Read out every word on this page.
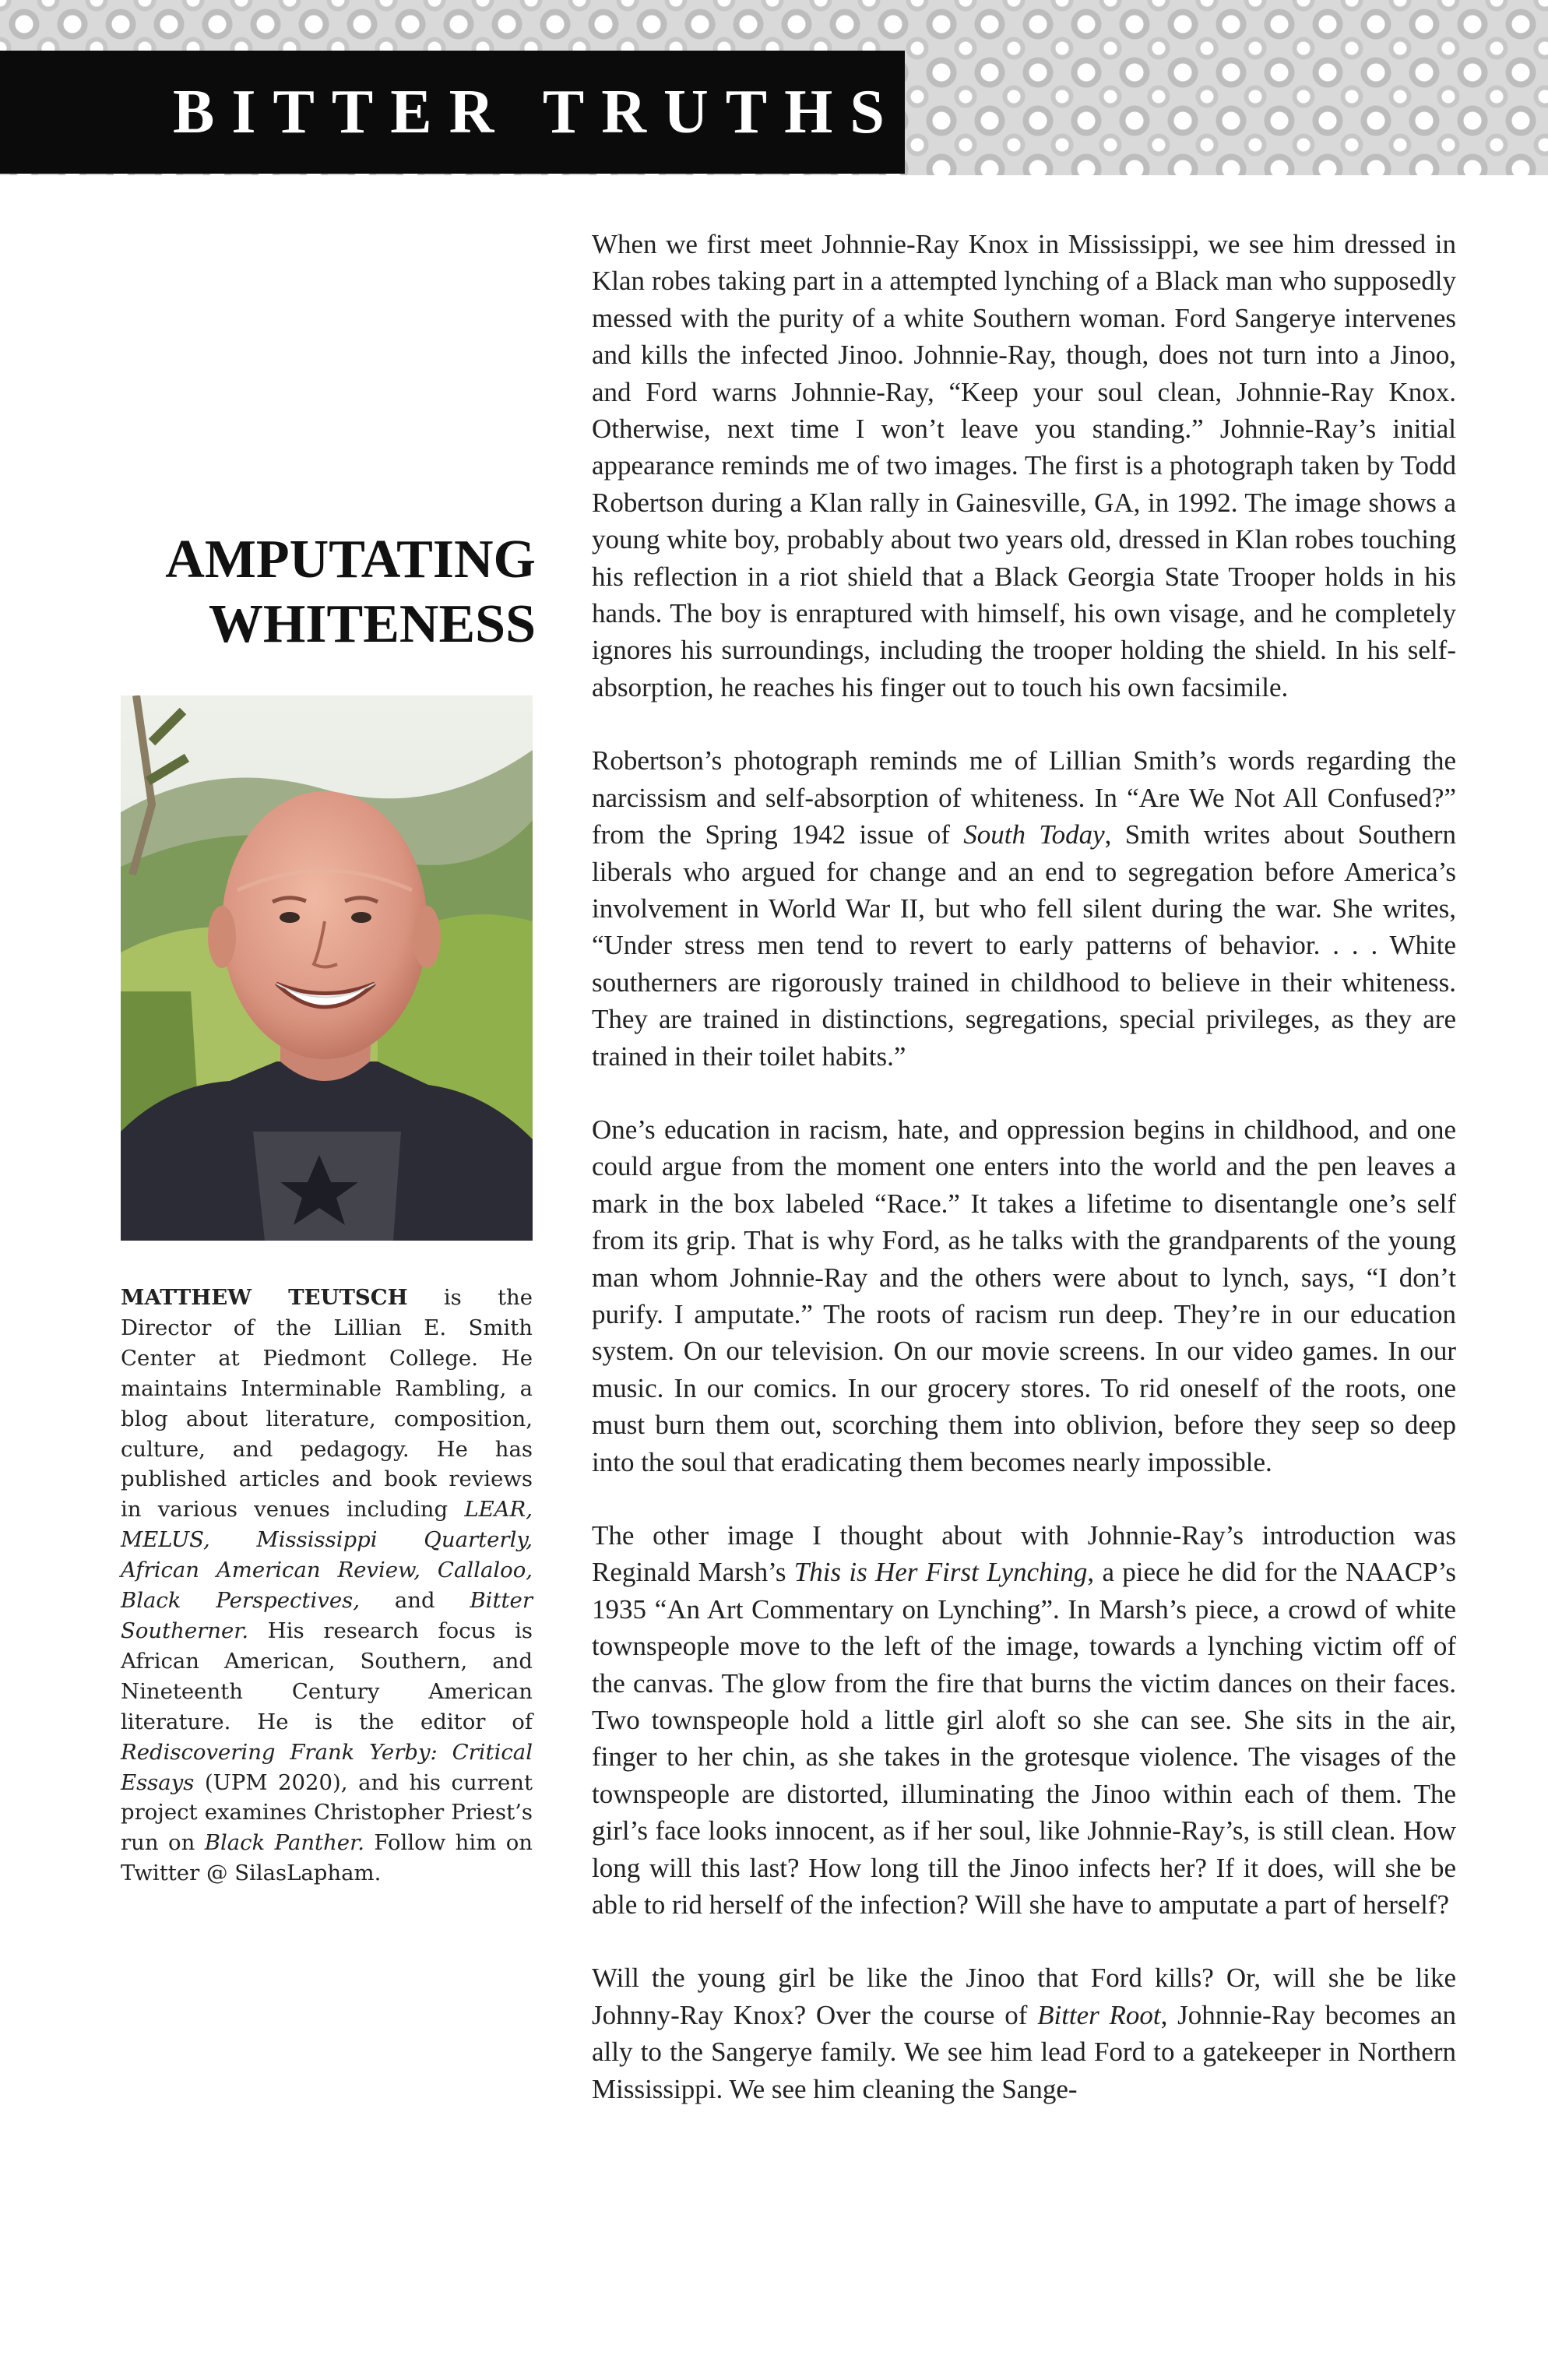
BITTER TRUTHS
AMPUTATING
WHITENESS
MATTHEW TEUTSCH is the Director of the Lillian E. Smith Center at Piedmont College. He maintains Interminable Rambling, a blog about literature, composition, culture, and pedagogy. He has published articles and book reviews in various venues including LEAR, MELUS, Mississippi Quarterly, African American Review, Callaloo, Black Perspectives, and Bitter Southerner. His research focus is African American, Southern, and Nineteenth Century American literature. He is the editor of Rediscovering Frank Yerby: Critical Essays (UPM 2020), and his current project examines Christopher Priest’s run on Black Panther. Follow him on Twitter @ SilasLapham.

When we first meet Johnnie-Ray Knox in Mississippi, we see him dressed in Klan robes taking part in a attempted lynching of a Black man who supposedly messed with the purity of a white Southern woman. Ford Sangerye intervenes and kills the infected Jinoo. Johnnie-Ray, though, does not turn into a Jinoo, and Ford warns Johnnie-Ray, “Keep your soul clean, Johnnie-Ray Knox. Otherwise, next time I won’t leave you standing.” Johnnie-Ray’s initial appearance reminds me of two images. The first is a photograph taken by Todd Robertson during a Klan rally in Gainesville, GA, in 1992. The image shows a young white boy, probably about two years old, dressed in Klan robes touching his reflection in a riot shield that a Black Georgia State Trooper holds in his hands. The boy is enraptured with himself, his own visage, and he completely ignores his surroundings, including the trooper holding the shield. In his self-absorption, he reaches his finger out to touch his own facsimile.

Robertson’s photograph reminds me of Lillian Smith’s words regarding the narcissism and self-absorption of whiteness. In “Are We Not All Confused?” from the Spring 1942 issue of South Today, Smith writes about Southern liberals who argued for change and an end to segregation before America’s involvement in World War II, but who fell silent during the war. She writes, “Under stress men tend to revert to early patterns of behavior. . . . White southerners are rigorously trained in childhood to believe in their whiteness. They are trained in distinctions, segregations, special privileges, as they are trained in their toilet habits.”

One’s education in racism, hate, and oppression begins in childhood, and one could argue from the moment one enters into the world and the pen leaves a mark in the box labeled “Race.” It takes a lifetime to disentangle one’s self from its grip. That is why Ford, as he talks with the grandparents of the young man whom Johnnie-Ray and the others were about to lynch, says, “I don’t purify. I amputate.” The roots of racism run deep. They’re in our education system. On our television. On our movie screens. In our video games. In our music. In our comics. In our grocery stores. To rid oneself of the roots, one must burn them out, scorching them into oblivion, before they seep so deep into the soul that eradicating them becomes nearly impossible.

The other image I thought about with Johnnie-Ray’s introduction was Reginald Marsh’s This is Her First Lynching, a piece he did for the NAACP’s 1935 “An Art Commentary on Lynching”. In Marsh’s piece, a crowd of white townspeople move to the left of the image, towards a lynching victim off of the canvas. The glow from the fire that burns the victim dances on their faces. Two townspeople hold a little girl aloft so she can see. She sits in the air, finger to her chin, as she takes in the grotesque violence. The visages of the townspeople are distorted, illuminating the Jinoo within each of them. The girl’s face looks innocent, as if her soul, like Johnnie-Ray’s, is still clean. How long will this last? How long till the Jinoo infects her? If it does, will she be able to rid herself of the infection? Will she have to amputate a part of herself?

Will the young girl be like the Jinoo that Ford kills? Or, will she be like Johnny-Ray Knox? Over the course of Bitter Root, Johnnie-Ray becomes an ally to the Sangerye family. We see him lead Ford to a gatekeeper in Northern Mississippi. We see him cleaning the Sange-
